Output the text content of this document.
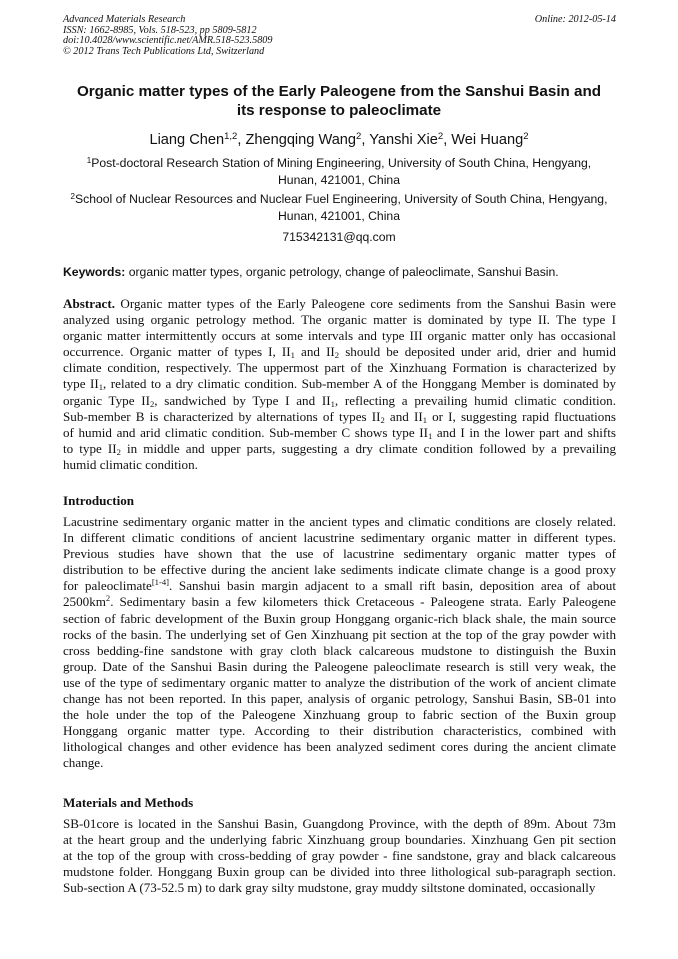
Advanced Materials Research
ISSN: 1662-8985, Vols. 518-523, pp 5809-5812
doi:10.4028/www.scientific.net/AMR.518-523.5809
© 2012 Trans Tech Publications Ltd, Switzerland
Online: 2012-05-14
Organic matter types of the Early Paleogene from the Sanshui Basin and
its response to paleoclimate
Liang Chen$^{1,2}$, Zhengqing Wang$^2$, Yanshi Xie$^2$, Wei Huang$^2$
$^1$Post-doctoral Research Station of Mining Engineering, University of South China, Hengyang,
Hunan, 421001, China
$^2$School of Nuclear Resources and Nuclear Fuel Engineering, University of South China, Hengyang,
Hunan, 421001, China
715342131@qq.com
Keywords: organic matter types, organic petrology, change of paleoclimate, Sanshui Basin.
Abstract. Organic matter types of the Early Paleogene core sediments from the Sanshui Basin were
analyzed using organic petrology method. The organic matter is dominated by type II. The type I
organic matter intermittently occurs at some intervals and type III organic matter only has occasional
occurrence. Organic matter of types I, $II_1$ and $II_2$ should be deposited under arid, drier and humid
climate condition, respectively. The uppermost part of the Xinzhuang Formation is characterized by
type $II_1$, related to a dry climatic condition. Sub-member A of the Honggang Member is dominated by
organic Type $II_2$, sandwiched by Type I and $II_1$, reflecting a prevailing humid climatic condition.
Sub-member B is characterized by alternations of types $II_2$ and $II_1$ or I, suggesting rapid fluctuations
of humid and arid climatic condition. Sub-member C shows type $II_1$ and I in the lower part and shifts
to type $II_2$ in middle and upper parts, suggesting a dry climate condition followed by a prevailing
humid climatic condition.
Introduction
Lacustrine sedimentary organic matter in the ancient types and climatic conditions are closely related.
In different climatic conditions of ancient lacustrine sedimentary organic matter in different types.
Previous studies have shown that the use of lacustrine sedimentary organic matter types of
distribution to be effective during the ancient lake sediments indicate climate change is a good proxy
for paleoclimate[1-4]. Sanshui basin margin adjacent to a small rift basin, deposition area of about
$2500km^2$. Sedimentary basin a few kilometers thick Cretaceous - Paleogene strata. Early Paleogene
section of fabric development of the Buxin group Honggang organic-rich black shale, the main source
rocks of the basin. The underlying set of Gen Xinzhuang pit section at the top of the gray powder with
cross bedding-fine sandstone with gray cloth black calcareous mudstone to distinguish the Buxin
group. Date of the Sanshui Basin during the Paleogene paleoclimate research is still very weak, the
use of the type of sedimentary organic matter to analyze the distribution of the work of ancient climate
change has not been reported. In this paper, analysis of organic petrology, Sanshui Basin, SB-01 into
the hole under the top of the Paleogene Xinzhuang group to fabric section of the Buxin group
Honggang organic matter type. According to their distribution characteristics, combined with
lithological changes and other evidence has been analyzed sediment cores during the ancient climate
change.
Materials and Methods
SB-01core is located in the Sanshui Basin, Guangdong Province, with the depth of 89m. About 73m
at the heart group and the underlying fabric Xinzhuang group boundaries. Xinzhuang Gen pit section
at the top of the group with cross-bedding of gray powder - fine sandstone, gray and black calcareous
mudstone folder. Honggang Buxin group can be divided into three lithological sub-paragraph section.
Sub-section A (73-52.5 m) to dark gray silty mudstone, gray muddy siltstone dominated, occasionally
